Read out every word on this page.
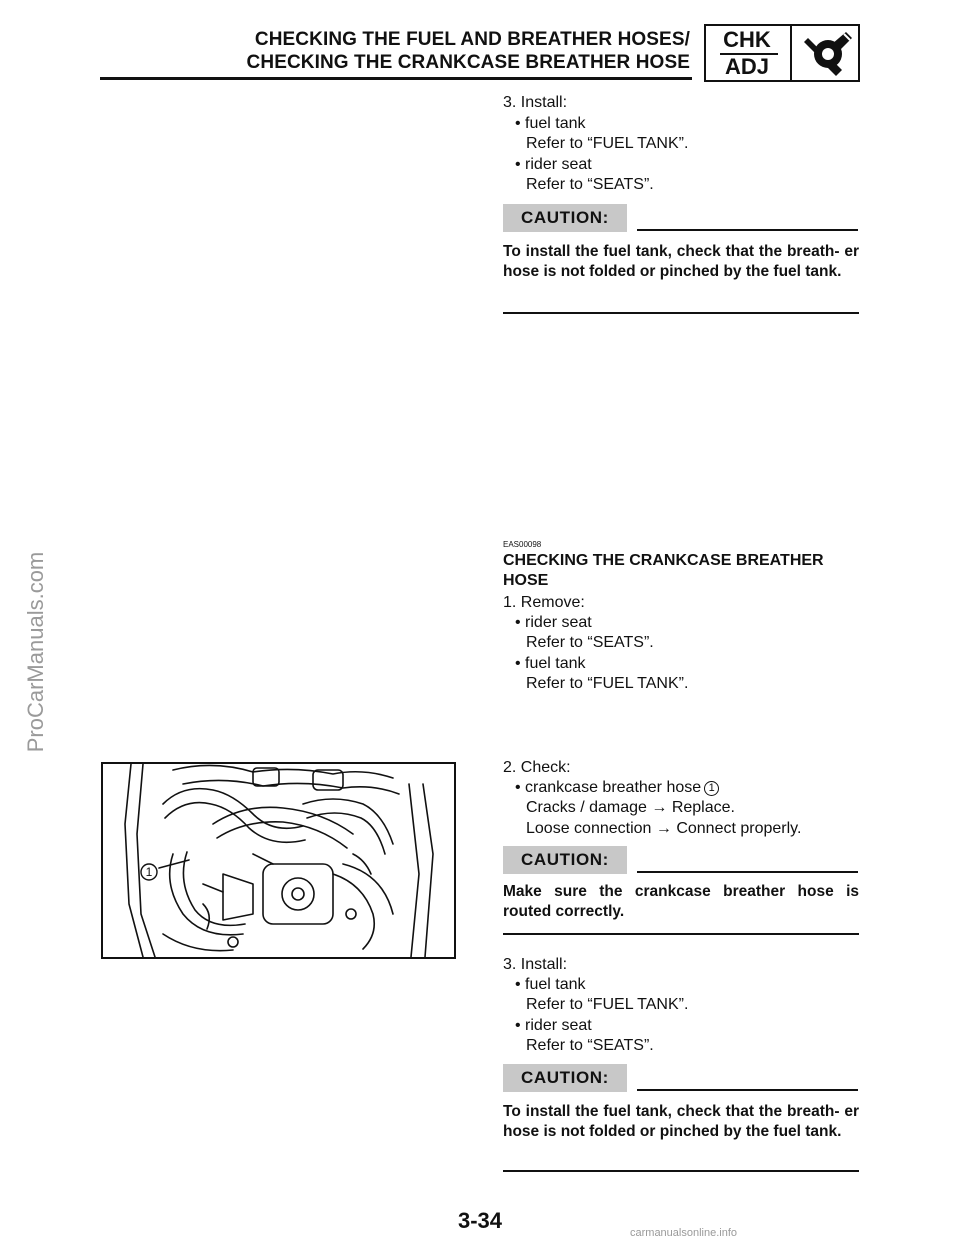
CHECKING THE FUEL AND BREATHER HOSES/
CHECKING THE CRANKCASE BREATHER HOSE
CHK
ADJ
ProCarManuals.com
3. Install:
• fuel tank
Refer to “FUEL TANK”.
• rider seat
Refer to “SEATS”.
CAUTION:
To install the fuel tank, check that the breath- er hose is not folded or pinched by the fuel tank.
EAS00098
CHECKING THE CRANKCASE BREATHER HOSE
1. Remove:
• rider seat
Refer to “SEATS”.
• fuel tank
Refer to “FUEL TANK”.
2. Check:
• crankcase breather hose 1
Cracks / damage → Replace.
Loose connection → Connect properly.
CAUTION:
Make sure the crankcase breather hose is routed correctly.
3. Install:
• fuel tank
Refer to “FUEL TANK”.
• rider seat
Refer to “SEATS”.
CAUTION:
To install the fuel tank, check that the breath- er hose is not folded or pinched by the fuel tank.
1
3-34	carmanualsonline.info
